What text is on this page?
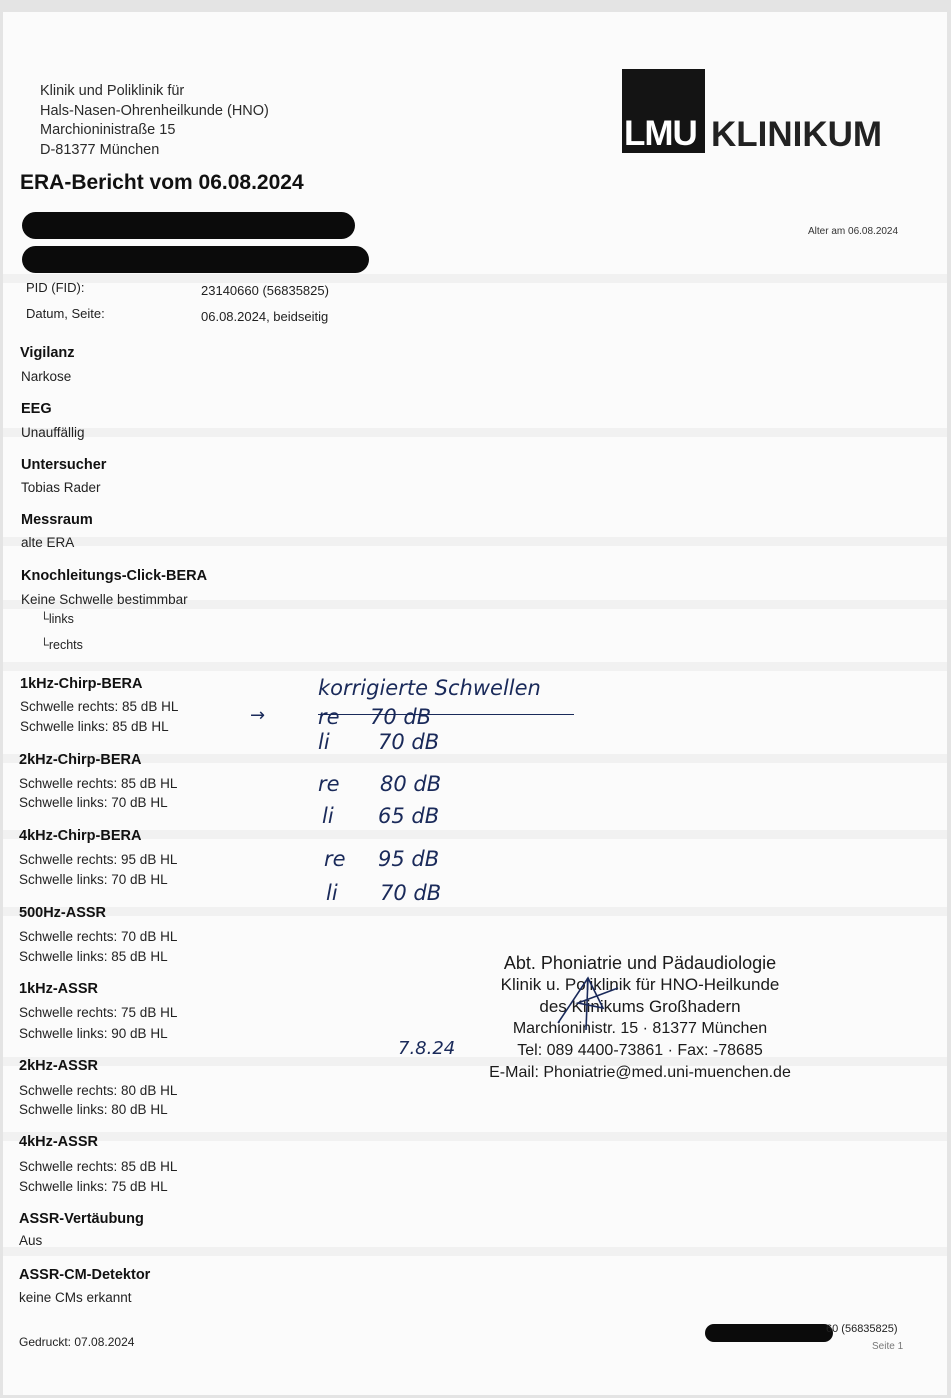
Klinik und Poliklinik für
Hals-Nasen-Ohrenheilkunde (HNO)
Marchioninistraße 15
D-81377 München	LMU KLINIKUM
ERA-Bericht vom 06.08.2024
Alter am 06.08.2024
PID (FID):	23140660 (56835825)
Datum, Seite:	06.08.2024, beidseitig
Vigilanz
Narkose
EEG
Unauffällig
Untersucher
Tobias Rader
Messraum
alte ERA
Knochleitungs-Click-BERA
Keine Schwelle bestimmbar
└links
└rechts
1kHz-Chirp-BERA
Schwelle rechts: 85 dB HL
Schwelle links: 85 dB HL
2kHz-Chirp-BERA
Schwelle rechts: 85 dB HL
Schwelle links: 70 dB HL
4kHz-Chirp-BERA
Schwelle rechts: 95 dB HL
Schwelle links: 70 dB HL
500Hz-ASSR
Schwelle rechts: 70 dB HL
Schwelle links: 85 dB HL
1kHz-ASSR
Schwelle rechts: 75 dB HL
Schwelle links: 90 dB HL
2kHz-ASSR
Schwelle rechts: 80 dB HL
Schwelle links: 80 dB HL
4kHz-ASSR
Schwelle rechts: 85 dB HL
Schwelle links: 75 dB HL
ASSR-Vertäubung
Aus
ASSR-CM-Detektor
keine CMs erkannt
korrigierte Schwellen
→	re 70 dB
li 70 dB
re 80 dB
li 65 dB
re 95 dB
li 70 dB
7.8.24
Abt. Phoniatrie und Pädaudiologie
Klinik u. Poliklinik für HNO-Heilkunde
des Klinikums Großhadern
Marchioninistr. 15 · 81377 München
Tel: 089 4400-73861 · Fax: -78685
E-Mail: Phoniatrie@med.uni-muenchen.de
Gedruckt: 07.08.2024
60 (56835825)
Seite 1
